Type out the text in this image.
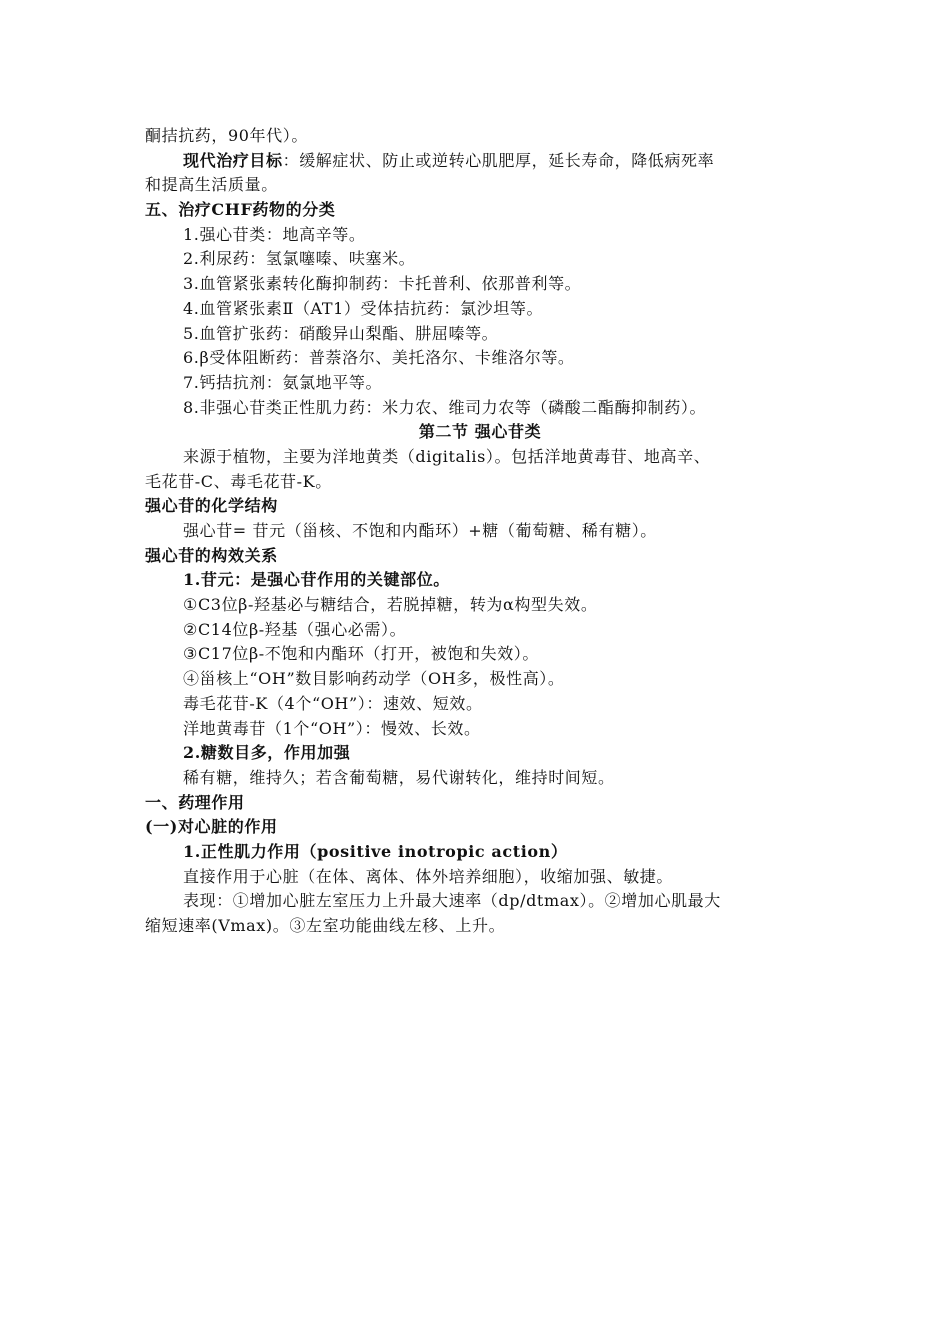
酮拮抗药，90年代）。
现代治疗目标：缓解症状、防止或逆转心肌肥厚，延长寿命，降低病死率
和提高生活质量。
五、治疗CHF药物的分类
1.强心苷类：地高辛等。
2.利尿药：氢氯噻嗪、呋塞米。
3.血管紧张素转化酶抑制药：卡托普利、依那普利等。
4.血管紧张素Ⅱ（AT1）受体拮抗药：氯沙坦等。
5.血管扩张药：硝酸异山梨酯、肼屈嗪等。
6.β受体阻断药：普萘洛尔、美托洛尔、卡维洛尔等。
7.钙拮抗剂：氨氯地平等。
8.非强心苷类正性肌力药：米力农、维司力农等（磷酸二酯酶抑制药）。
第二节 强心苷类
来源于植物，主要为洋地黄类（digitalis）。包括洋地黄毒苷、地高辛、
毛花苷-C、毒毛花苷-K。
强心苷的化学结构
强心苷= 苷元（甾核、不饱和内酯环）+糖（葡萄糖、稀有糖）。
强心苷的构效关系
1.苷元：是强心苷作用的关键部位。
①C3位β-羟基必与糖结合，若脱掉糖，转为α构型失效。
②C14位β-羟基（强心必需）。
③C17位β-不饱和内酯环（打开，被饱和失效）。
④甾核上“OH”数目影响药动学（OH多，极性高）。
毒毛花苷-K（4个“OH”）：速效、短效。
洋地黄毒苷（1个“OH”）：慢效、长效。
2.糖数目多，作用加强
稀有糖，维持久；若含葡萄糖，易代谢转化，维持时间短。
一、药理作用
(一)对心脏的作用
1.正性肌力作用（positive inotropic action）
直接作用于心脏（在体、离体、体外培养细胞），收缩加强、敏捷。
表现：①增加心脏左室压力上升最大速率（dp/dtmax）。②增加心肌最大
缩短速率(Vmax)。③左室功能曲线左移、上升。
